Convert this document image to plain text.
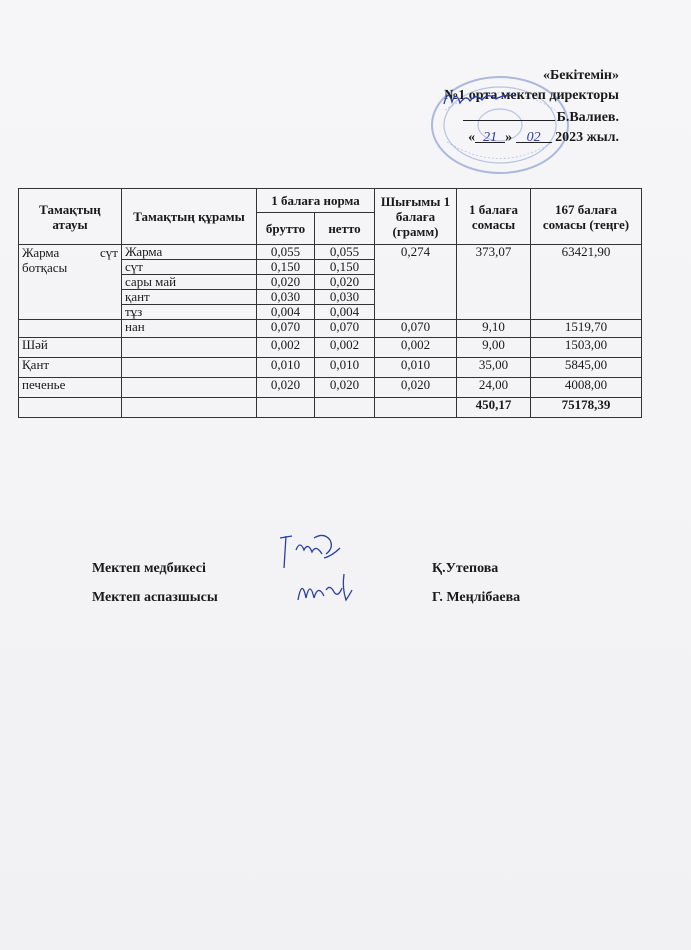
«Бекітемін»
№1 орта мектеп директоры
Б.Валиев.
« 21 » 02 2023 жыл.
Тамақтың атауы	Тамақтың құрамы	1 балаға норма		Шығымы 1 балаға (грамм)	1 балаға сомасы	167 балаға сомасы (теңге)
		брутто	нетто			
Жарма сүт ботқасы	Жарма	0,055	0,055	0,274	373,07	63421,90
	сүт	0,150	0,150			
	сары май	0,020	0,020			
	қант	0,030	0,030			
	тұз	0,004	0,004			
	нан	0,070	0,070	0,070	9,10	1519,70
Шәй		0,002	0,002	0,002	9,00	1503,00
Қант		0,010	0,010	0,010	35,00	5845,00
печенье		0,020	0,020	0,020	24,00	4008,00
					450,17	75178,39
Мектеп медбикесі	Қ.Утепова
Мектеп аспазшысы	Г. Меңлібаева
